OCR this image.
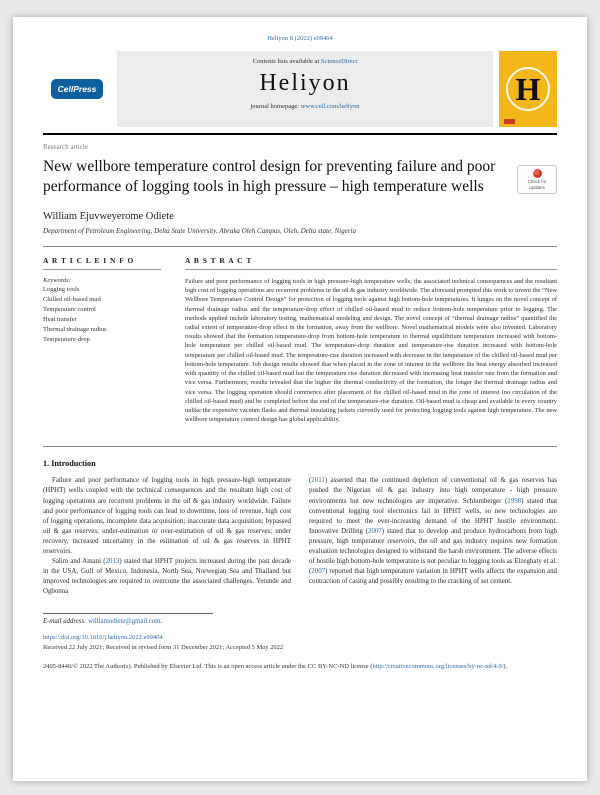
Heliyon 8 (2022) e09404
CellPress
Contents lists available at ScienceDirect
Heliyon
journal homepage: www.cell.com/heliyon	H
Research article
New wellbore temperature control design for preventing failure and poor performance of logging tools in high pressure – high temperature wells	Check for updates
William Ejuvweyerome Odiete
Department of Petroleum Engineering, Delta State University, Abraka Oleh Campus, Oleh, Delta state, Nigeria
A R T I C L E I N F O
Keywords:
Logging tools
Chilled oil-based mud
Temperature control
Heat transfer
Thermal drainage radius
Temperature-drop
A B S T R A C T

Failure and poor performance of logging tools in high pressure-high temperature wells; the associated technical consequences and the resultant high cost of logging operations are recurrent problems in the oil & gas industry worldwide. The aforesaid prompted this work to invent the “New Wellbore Temperature Control Design” for protection of logging tools against high bottom-hole temperatures. It hinges on the novel concept of thermal drainage radius and the temperature-drop effect of chilled oil-based mud to reduce bottom-hole temperature prior to logging. The methods applied include laboratory testing, mathematical modeling and design. The novel concept of “thermal drainage radius” quantified the radial extent of temperature-drop effect in the formation, away from the wellbore. Novel mathematical models were also invented. Laboratory results showed that the formation temperature-drop from bottom-hole temperature to thermal equilibrium temperature increased with bottom-hole temperature per chilled oil-based mud. The temperature-drop duration and temperature-rise duration increased with bottom-hole temperature per chilled oil-based mud. The temperature-rise duration increased with decrease in the temperature of the chilled oil-based mud per bottom-hole temperature. Job design results showed that when placed in the zone of interest in the wellbore the heat energy absorbed increased with quantity of the chilled oil-based mud but the temperature rise duration decreased with increasing heat transfer rate from the formation and vice versa. Furthermore, results revealed that the higher the thermal conductivity of the formation, the longer the thermal drainage radius and vice versa. The logging operation should commence after placement of the chilled oil-based mud in the zone of interest (no circulation of the chilled oil-based mud) and be completed before the end of the temperature-rise duration. Oil-based mud is cheap and available in every country unlike the expensive vacuum flasks and thermal insulating jackets currently used for protecting logging tools against high temperature. The new wellbore temperature control design has global applicability.

1. Introduction

Failure and poor performance of logging tools in high pressure-high temperature (HPHT) wells coupled with the technical consequences and the resultant high cost of logging operations are recurrent problems in the oil & gas industry worldwide. Failure and poor performance of logging tools can lead to downtime, loss of revenue, high cost of logging operations, incomplete data acquisition; inaccurate data acquisition; bypassed oil & gas reserves; under-estimation or over-estimation of oil & gas reserves; under recovery, increased uncertainty in the estimation of oil & gas reserves in HPHT reservoirs.

Salim and Amani (2013) stated that HPHT projects increased during the past decade in the USA, Gulf of Mexico, Indonesia, North Sea, Norwegian Sea and Thailand but improved technologies are required to overcome the associated challenges. Yetunde and Ogbonna

(2011) asserted that the continued depletion of conventional oil & gas reserves has pushed the Nigerian oil & gas industry into high temperature - high pressure environments but new technologies are imperative. Schlumberger (1998) stated that conventional logging tool electronics fail in HPHT wells, so new technologies are required to meet the ever-increasing demand of the HPHT hostile environment. Innovative Drilling (2007) stated that to develop and produce hydrocarbons from high pressure, high temperature reservoirs, the oil and gas industry requires new formation evaluation technologies designed to withstand the harsh environment. The adverse effects of hostile high bottom-hole temperature is not peculiar to logging tools as Elzeghaty et al. (2007) reported that high temperature variation in HPHT wells affects the expansion and contraction of casing and possibly resulting to the cracking of set cement.

E-mail address: williamodiete@gmail.com.
https://doi.org/10.1016/j.heliyon.2022.e09404
Received 22 July 2021; Received in revised form 31 December 2021; Accepted 5 May 2022
2405-8440/© 2022 The Author(s). Published by Elsevier Ltd. This is an open access article under the CC BY-NC-ND license (http://creativecommons.org/licenses/by-nc-nd/4.0/).
